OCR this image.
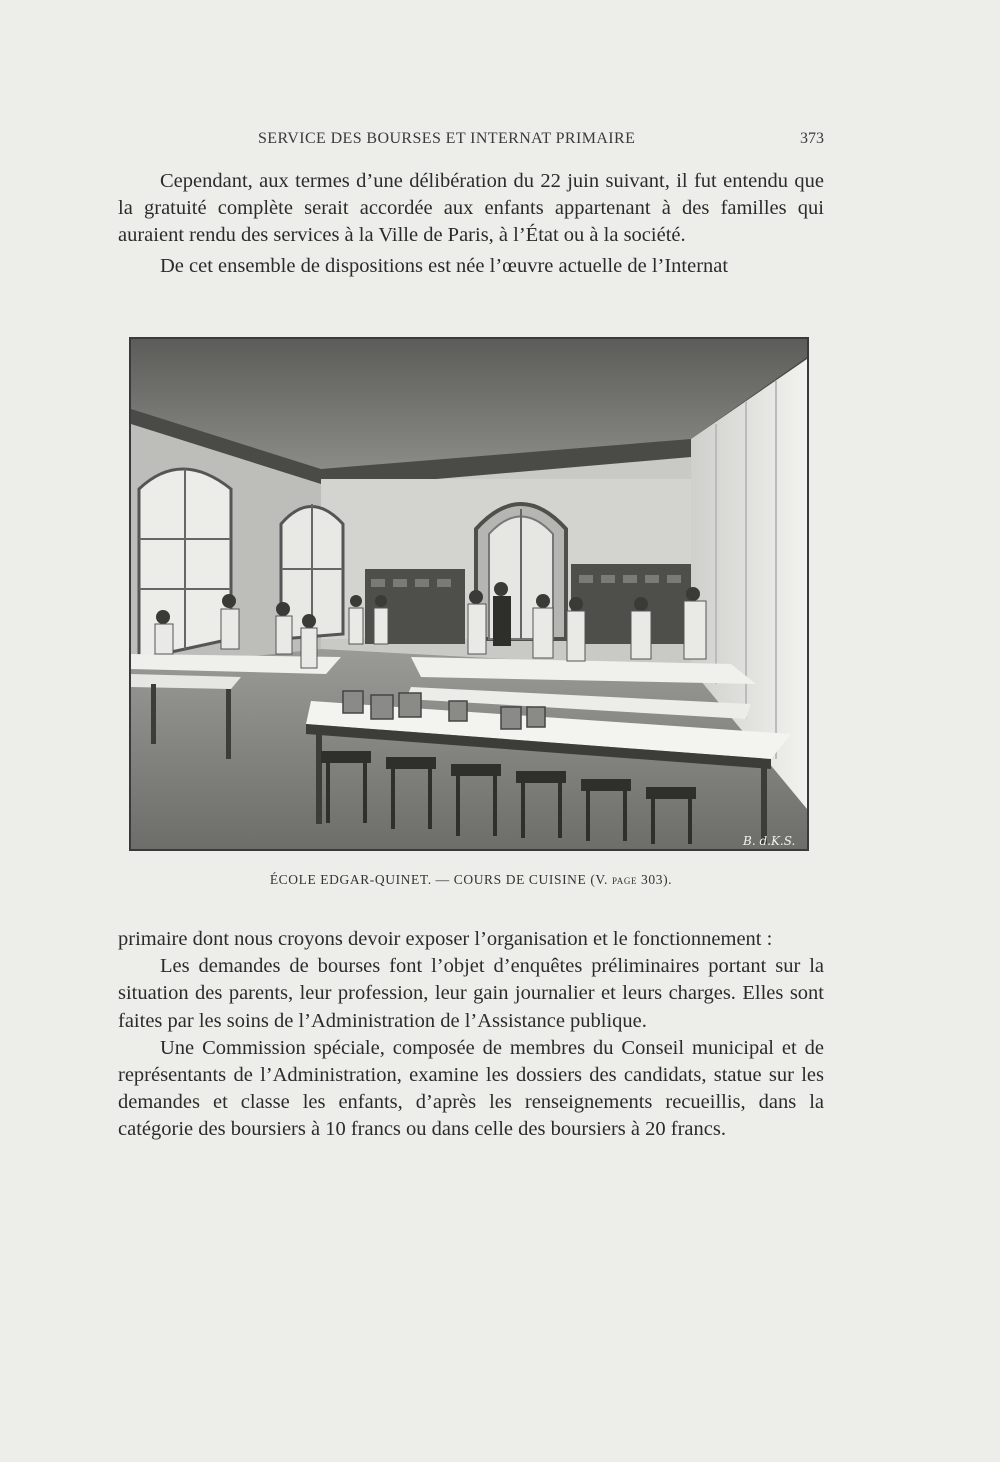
SERVICE DES BOURSES ET INTERNAT PRIMAIRE	373

Cependant, aux termes d’une délibération du 22 juin suivant, il fut entendu que la gratuité complète serait accordée aux enfants appartenant à des familles qui auraient rendu des services à la Ville de Paris, à l’État ou à la société.

De cet ensemble de dispositions est née l’œuvre actuelle de l’Internat

B. d.K.S.
ÉCOLE EDGAR-QUINET. — COURS DE CUISINE (V. page 303).

primaire dont nous croyons devoir exposer l’organisation et le fonctionnement :

Les demandes de bourses font l’objet d’enquêtes préliminaires portant sur la situation des parents, leur profession, leur gain journalier et leurs charges. Elles sont faites par les soins de l’Administration de l’Assistance publique.

Une Commission spéciale, composée de membres du Conseil municipal et de représentants de l’Administration, examine les dossiers des candidats, statue sur les demandes et classe les enfants, d’après les renseignements recueillis, dans la catégorie des boursiers à 10 francs ou dans celle des boursiers à 20 francs.
